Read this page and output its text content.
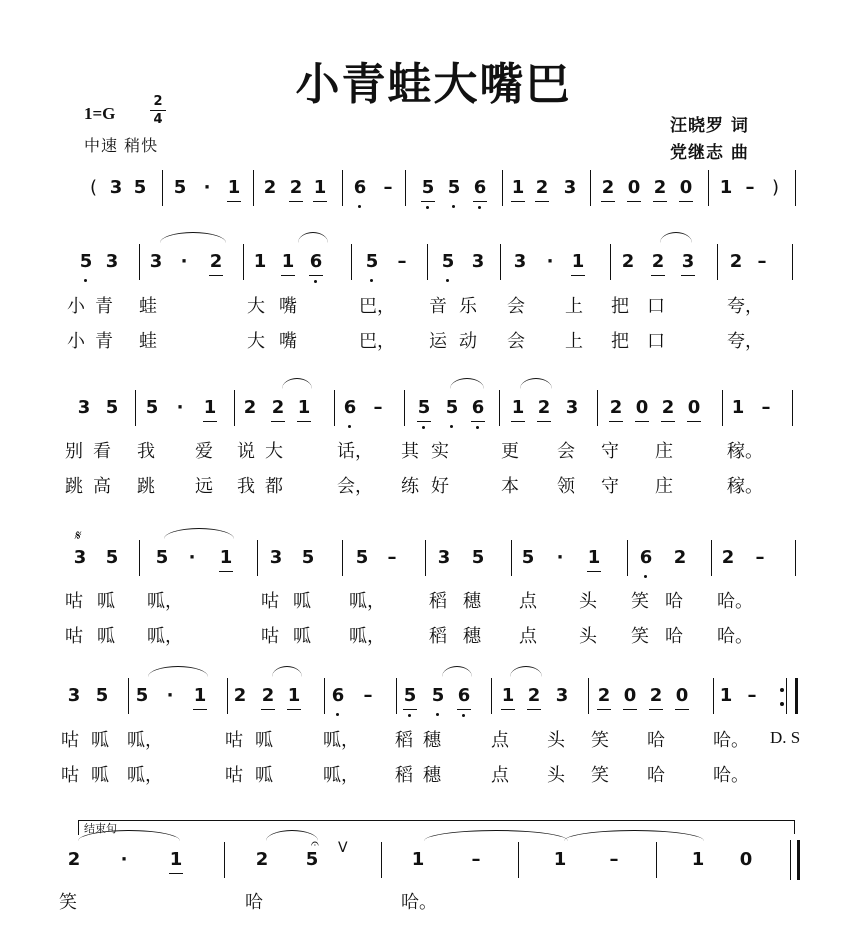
小青蛙大嘴巴
1=G
2
4
中速 稍快
汪晓罗 词
党继志 曲
3 5 5 · 1 2 2 1 6 – 5 5 6 1 2 3 2 0 2 0 1 –
(	)
5 3 3 · 2 1 1 6 5 – 5 3 3 · 1 2 2 3 2 –
小 青 蛙	大 嘴	巴， 音 乐 会 上 把 口	夸，
小 青 蛙	大 嘴	巴， 运 动 会 上 把 口	夸，
3 5 5 · 1 2 2 1 6 – 5 5 6 1 2 3 2 0 2 0 1 –
别 看 我 爱 说 大	话， 其 实	更 会 守 庄	稼。
跳 高 跳 远 我 都	会， 练 好	本 领 守 庄	稼。
3 5 5 · 1 3 5 5 – 3 5 5 · 1 6 2 2 –
咕 呱 呱，	咕 呱 呱， 稻 穗 点 头 笑 哈 哈。
咕 呱 呱，	咕 呱 呱， 稻 穗 点 头 笑 哈 哈。
𝄋
3 5 5 · 1 2 2 1 6 – 5 5 6 1 2 3 2 0 2 0 1 –
咕 呱 呱，	咕 呱	呱， 稻 穗	点 头 笑 哈	哈。
咕 呱 呱，	咕 呱	呱， 稻 穗	点 头 笑 哈	哈。
D. S
2 · 1	2 5	1	–	1 –	1 0
笑	哈	哈。
结束句
𝄐 V
